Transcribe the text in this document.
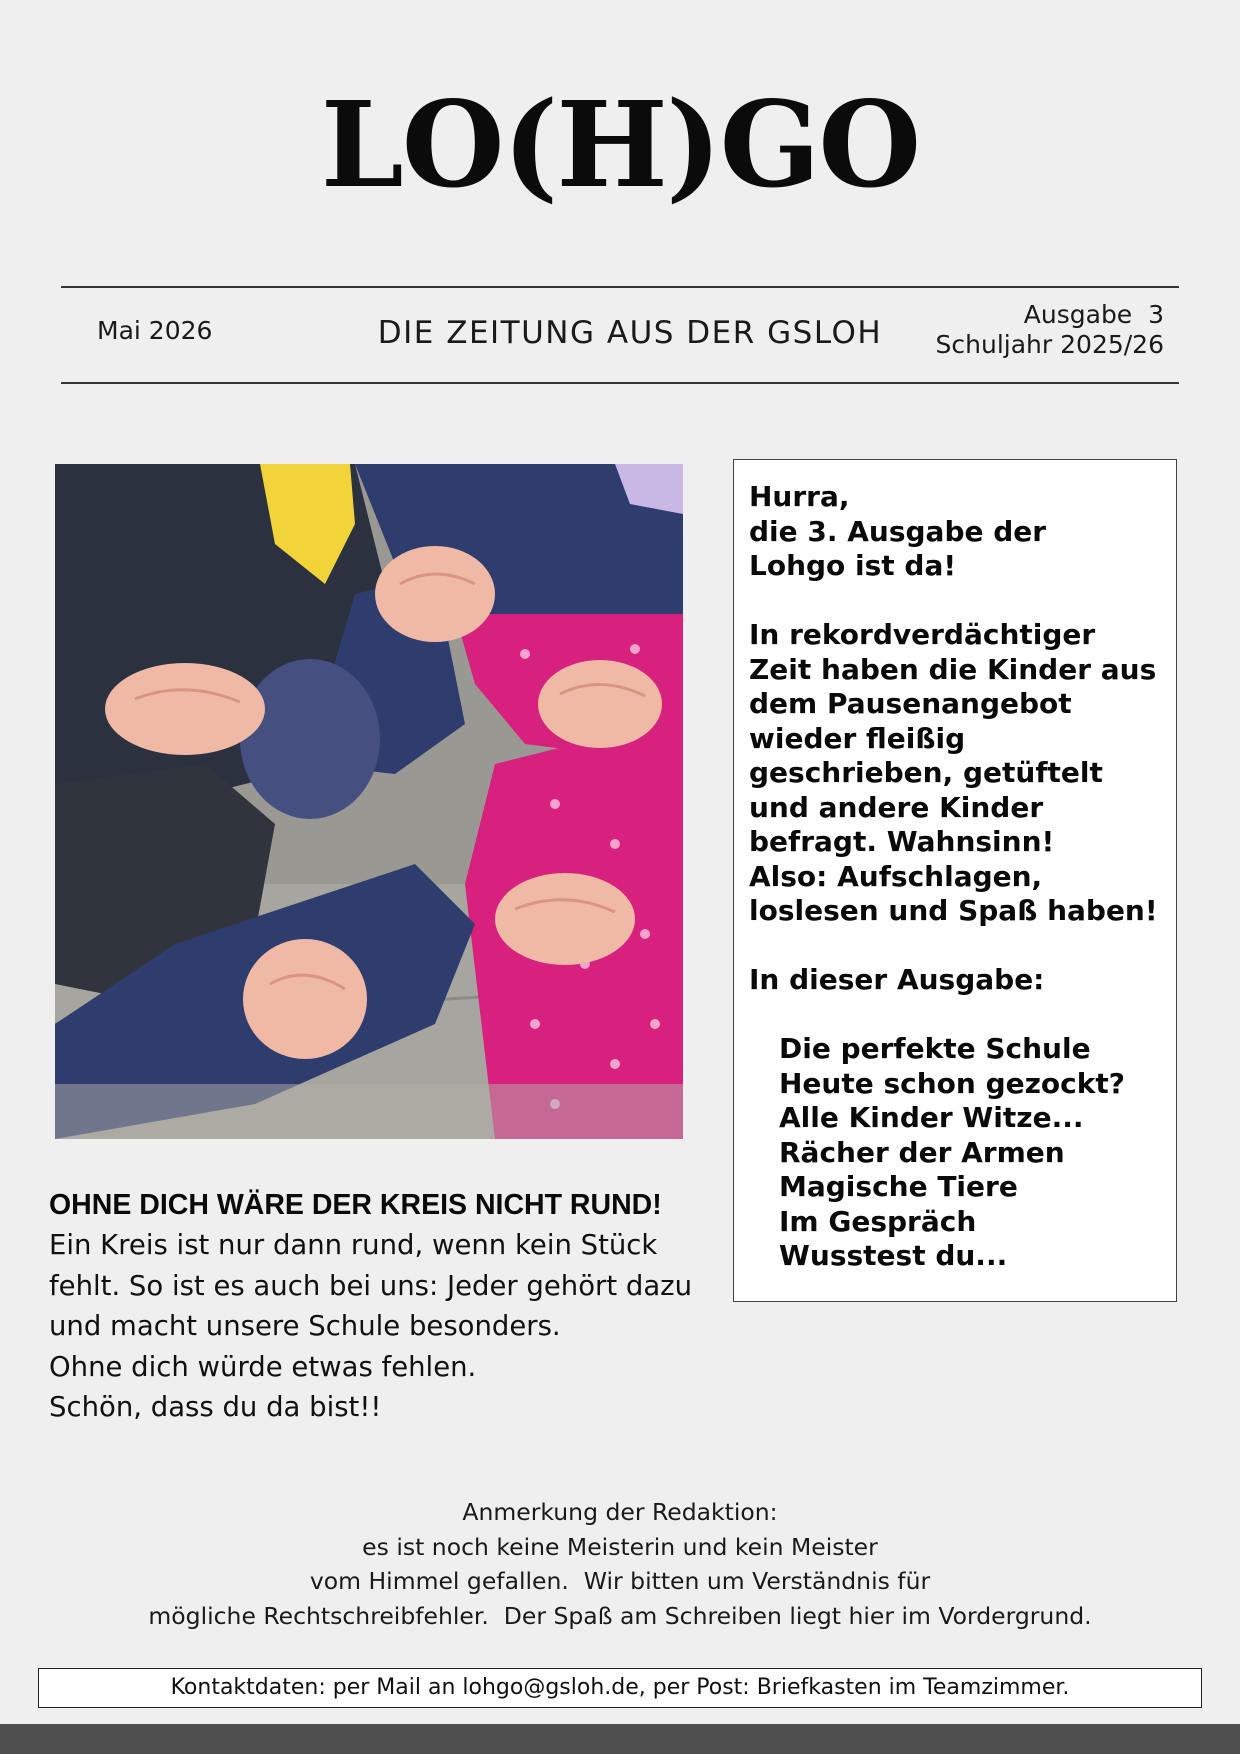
LO(H)GO
Mai 2026	DIE ZEITUNG AUS DER GSLOH
Ausgabe  3
Schuljahr 2025/26

Hurra,
die 3. Ausgabe der
Lohgo ist da!

In rekordverdächtiger
Zeit haben die Kinder aus
dem Pausenangebot
wieder fleißig
geschrieben, getüftelt
und andere Kinder
befragt. Wahnsinn!
Also: Aufschlagen,
loslesen und Spaß haben!

In dieser Ausgabe:

Die perfekte Schule
Heute schon gezockt?
Alle Kinder Witze...
Rächer der Armen
Magische Tiere
Im Gespräch
Wusstest du...
OHNE DICH WÄRE DER KREIS NICHT RUND!
Ein Kreis ist nur dann rund, wenn kein Stück
fehlt. So ist es auch bei uns: Jeder gehört dazu
und macht unsere Schule besonders.
Ohne dich würde etwas fehlen.
Schön, dass du da bist!!
Anmerkung der Redaktion:
es ist noch keine Meisterin und kein Meister
vom Himmel gefallen.  Wir bitten um Verständnis für
mögliche Rechtschreibfehler.  Der Spaß am Schreiben liegt hier im Vordergrund.
Kontaktdaten: per Mail an lohgo@gsloh.de, per Post: Briefkasten im Teamzimmer.
